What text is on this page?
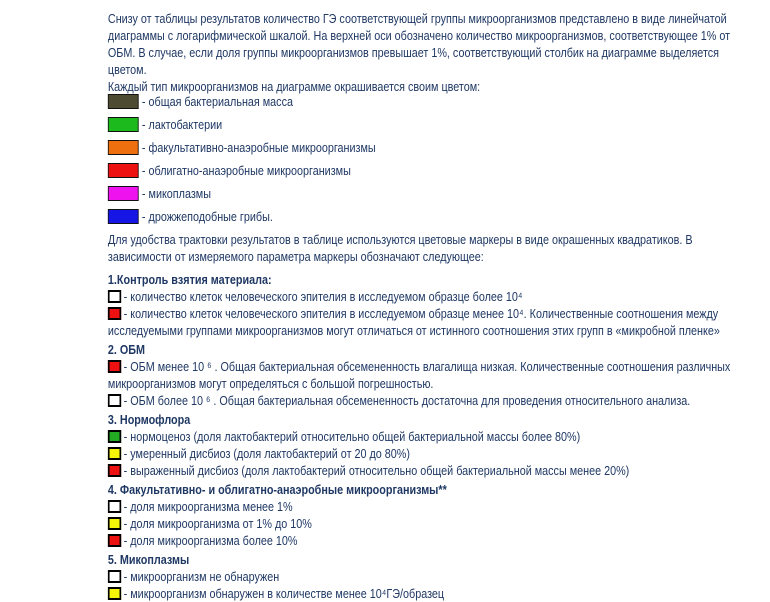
Снизу от таблицы результатов количество ГЭ соответствующей группы микроорганизмов представлено в виде линейчатой диаграммы с логарифмической шкалой. На верхней оси обозначено количество микроорганизмов, соответствующее 1% от ОБМ. В случае, если доля группы микроорганизмов превышает 1%, соответствующий столбик на диаграмме выделяется цветом.

Каждый тип микроорганизмов на диаграмме окрашивается своим цветом:

- общая бактериальная масса
- лактобактерии
- факультативно-анаэробные микроорганизмы
- облигатно-анаэробные микроорганизмы
- микоплазмы
- дрожжеподобные грибы.

Для удобства трактовки результатов в таблице используются цветовые маркеры в виде окрашенных квадратиков. В зависимости от измеряемого параметра маркеры обозначают следующее:

1.Контроль взятия материала:
- количество клеток человеческого эпителия в исследуемом образце более 10⁴
- количество клеток человеческого эпителия в исследуемом образце менее 10⁴. Количественные соотношения между исследуемыми группами микроорганизмов могут отличаться от истинного соотношения этих групп в «микробной пленке»
2. ОБМ
- ОБМ менее 10 ⁶ . Общая бактериальная обсемененность влагалища низкая. Количественные соотношения различных микроорганизмов могут определяться с большой погрешностью.
- ОБМ более 10 ⁶ . Общая бактериальная обсемененность достаточна для проведения относительного анализа.
3. Нормофлора
- нормоценоз (доля лактобактерий относительно общей бактериальной массы более 80%)
- умеренный дисбиоз (доля лактобактерий от 20 до 80%)
- выраженный дисбиоз (доля лактобактерий относительно общей бактериальной массы менее 20%)
4. Факультативно- и облигатно-анаэробные микроорганизмы**
- доля микроорганизма менее 1%
- доля микроорганизма от 1% до 10%
- доля микроорганизма более 10%
5. Микоплазмы
- микроорганизм не обнаружен
- микроорганизм обнаружен в количестве менее 10⁴ГЭ/образец
